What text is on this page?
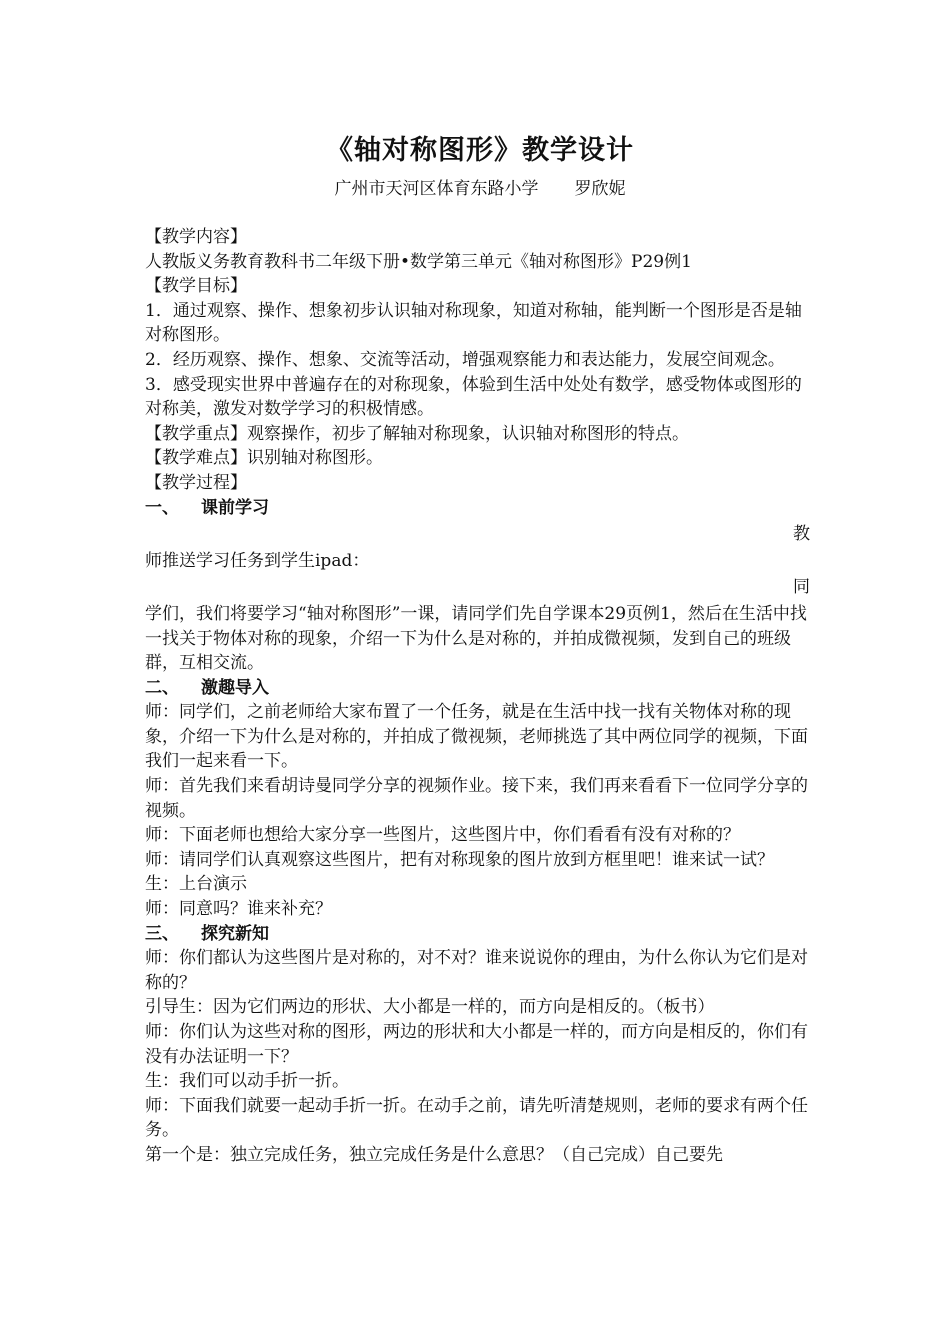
《轴对称图形》教学设计
广州市天河区体育东路小学 罗欣妮

【教学内容】

人教版义务教育教科书二年级下册•数学第三单元《轴对称图形》P29例1

【教学目标】

1．通过观察、操作、想象初步认识轴对称现象，知道对称轴，能判断一个图形是否是轴对称图形。

2．经历观察、操作、想象、交流等活动，增强观察能力和表达能力，发展空间观念。

3．感受现实世界中普遍存在的对称现象，体验到生活中处处有数学，感受物体或图形的对称美，激发对数学学习的积极情感。

【教学重点】观察操作，初步了解轴对称现象，认识轴对称图形的特点。

【教学难点】识别轴对称图形。

【教学过程】

一、 课前学习

教

师推送学习任务到学生ipad：

同

学们，我们将要学习“轴对称图形”一课，请同学们先自学课本29页例1，然后在生活中找一找关于物体对称的现象，介绍一下为什么是对称的，并拍成微视频，发到自己的班级群，互相交流。

二、 激趣导入

师：同学们，之前老师给大家布置了一个任务，就是在生活中找一找有关物体对称的现象，介绍一下为什么是对称的，并拍成了微视频，老师挑选了其中两位同学的视频，下面我们一起来看一下。

师：首先我们来看胡诗曼同学分享的视频作业。接下来，我们再来看看下一位同学分享的视频。

师：下面老师也想给大家分享一些图片，这些图片中，你们看看有没有对称的？

师：请同学们认真观察这些图片，把有对称现象的图片放到方框里吧！谁来试一试？

生：上台演示

师：同意吗？谁来补充？

三、 探究新知

师：你们都认为这些图片是对称的，对不对？谁来说说你的理由，为什么你认为它们是对称的？

引导生：因为它们两边的形状、大小都是一样的，而方向是相反的。（板书）

师：你们认为这些对称的图形，两边的形状和大小都是一样的，而方向是相反的，你们有没有办法证明一下？

生：我们可以动手折一折。

师：下面我们就要一起动手折一折。在动手之前，请先听清楚规则，老师的要求有两个任务。

第一个是：独立完成任务，独立完成任务是什么意思？（自己完成）自己要先
